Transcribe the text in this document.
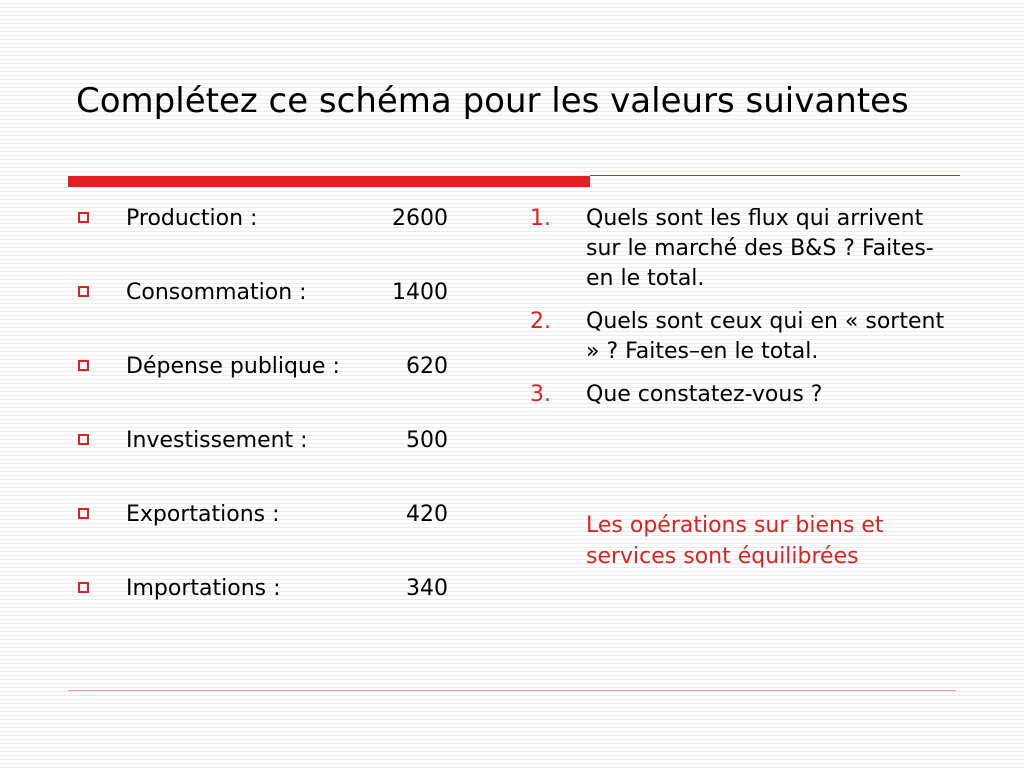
Complétez ce schéma pour les valeurs suivantes
Production :	2600
Consommation :	1400
Dépense publique :	620
Investissement :	500
Exportations :	420
Importations :	340
1. Quels sont les flux qui arrivent sur le marché des B&S ? Faites-en le total.
2. Quels sont ceux qui en « sortent » ? Faites–en le total.
3. Que constatez-vous ?

Les opérations sur biens et services sont équilibrées
